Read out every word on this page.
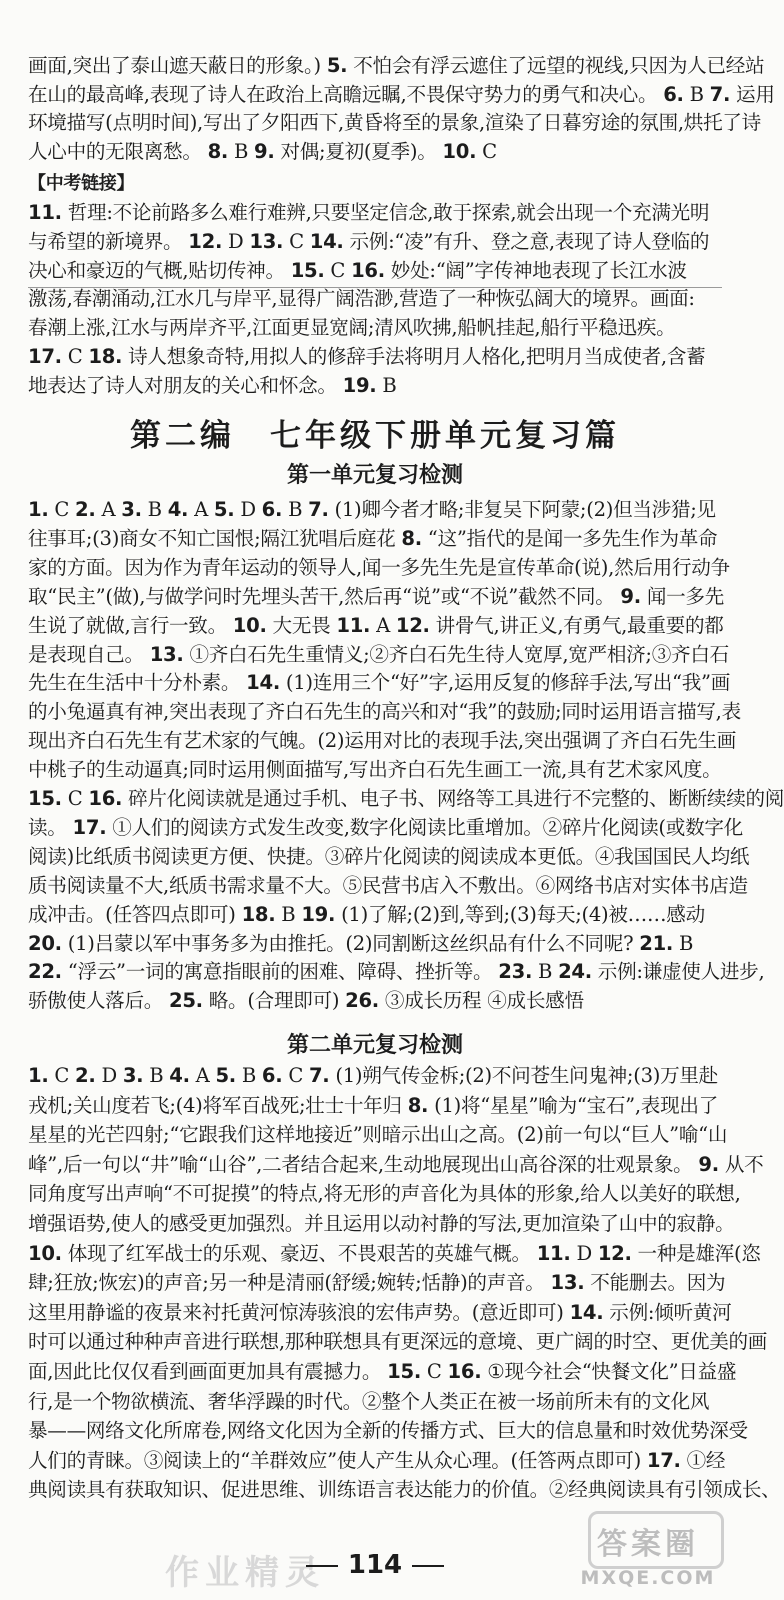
画面,突出了泰山遮天蔽日的形象。) 5. 不怕会有浮云遮住了远望的视线,只因为人已经站
在山的最高峰,表现了诗人在政治上高瞻远瞩,不畏保守势力的勇气和决心。 6. B 7. 运用
环境描写(点明时间),写出了夕阳西下,黄昏将至的景象,渲染了日暮穷途的氛围,烘托了诗
人心中的无限离愁。 8. B 9. 对偶;夏初(夏季)。 10. C
【中考链接】
11. 哲理:不论前路多么难行难辨,只要坚定信念,敢于探索,就会出现一个充满光明
与希望的新境界。 12. D 13. C 14. 示例:“凌”有升、登之意,表现了诗人登临的
决心和豪迈的气概,贴切传神。 15. C 16. 妙处:“阔”字传神地表现了长江水波
激荡,春潮涌动,江水几与岸平,显得广阔浩渺,营造了一种恢弘阔大的境界。画面:
春潮上涨,江水与两岸齐平,江面更显宽阔;清风吹拂,船帆挂起,船行平稳迅疾。
17. C 18. 诗人想象奇特,用拟人的修辞手法将明月人格化,把明月当成使者,含蓄
地表达了诗人对朋友的关心和怀念。 19. B
第二编　七年级下册单元复习篇
第一单元复习检测
1. C 2. A 3. B 4. A 5. D 6. B 7. (1)卿今者才略;非复吴下阿蒙;(2)但当涉猎;见
往事耳;(3)商女不知亡国恨;隔江犹唱后庭花 8. “这”指代的是闻一多先生作为革命
家的方面。因为作为青年运动的领导人,闻一多先生先是宣传革命(说),然后用行动争
取“民主”(做),与做学问时先埋头苦干,然后再“说”或“不说”截然不同。 9. 闻一多先
生说了就做,言行一致。 10. 大无畏 11. A 12. 讲骨气,讲正义,有勇气,最重要的都
是表现自己。 13. ①齐白石先生重情义;②齐白石先生待人宽厚,宽严相济;③齐白石
先生在生活中十分朴素。 14. (1)连用三个“好”字,运用反复的修辞手法,写出“我”画
的小兔逼真有神,突出表现了齐白石先生的高兴和对“我”的鼓励;同时运用语言描写,表
现出齐白石先生有艺术家的气魄。(2)运用对比的表现手法,突出强调了齐白石先生画
中桃子的生动逼真;同时运用侧面描写,写出齐白石先生画工一流,具有艺术家风度。
15. C 16. 碎片化阅读就是通过手机、电子书、网络等工具进行不完整的、断断续续的阅
读。 17. ①人们的阅读方式发生改变,数字化阅读比重增加。②碎片化阅读(或数字化
阅读)比纸质书阅读更方便、快捷。③碎片化阅读的阅读成本更低。④我国国民人均纸
质书阅读量不大,纸质书需求量不大。⑤民营书店入不敷出。⑥网络书店对实体书店造
成冲击。(任答四点即可) 18. B 19. (1)了解;(2)到,等到;(3)每天;(4)被……感动
20. (1)吕蒙以军中事务多为由推托。(2)同割断这丝织品有什么不同呢? 21. B
22. “浮云”一词的寓意指眼前的困难、障碍、挫折等。 23. B 24. 示例:谦虚使人进步,
骄傲使人落后。 25. 略。(合理即可) 26. ③成长历程 ④成长感悟
第二单元复习检测
1. C 2. D 3. B 4. A 5. B 6. C 7. (1)朔气传金柝;(2)不问苍生问鬼神;(3)万里赴
戎机;关山度若飞;(4)将军百战死;壮士十年归 8. (1)将“星星”喻为“宝石”,表现出了
星星的光芒四射;“它跟我们这样地接近”则暗示出山之高。(2)前一句以“巨人”喻“山
峰”,后一句以“井”喻“山谷”,二者结合起来,生动地展现出山高谷深的壮观景象。 9. 从不
同角度写出声响“不可捉摸”的特点,将无形的声音化为具体的形象,给人以美好的联想,
增强语势,使人的感受更加强烈。并且运用以动衬静的写法,更加渲染了山中的寂静。
10. 体现了红军战士的乐观、豪迈、不畏艰苦的英雄气概。 11. D 12. 一种是雄浑(恣
肆;狂放;恢宏)的声音;另一种是清丽(舒缓;婉转;恬静)的声音。 13. 不能删去。因为
这里用静谧的夜景来衬托黄河惊涛骇浪的宏伟声势。(意近即可) 14. 示例:倾听黄河
时可以通过种种声音进行联想,那种联想具有更深远的意境、更广阔的时空、更优美的画
面,因此比仅仅看到画面更加具有震撼力。 15. C 16. ①现今社会“快餐文化”日益盛
行,是一个物欲横流、奢华浮躁的时代。②整个人类正在被一场前所未有的文化风
暴——网络文化所席卷,网络文化因为全新的传播方式、巨大的信息量和时效优势深受
人们的青睐。③阅读上的“羊群效应”使人产生从众心理。(任答两点即可) 17. ①经
典阅读具有获取知识、促进思维、训练语言表达能力的价值。②经典阅读具有引领成长、
作业精灵 114
答案圈
MXQE.COM
